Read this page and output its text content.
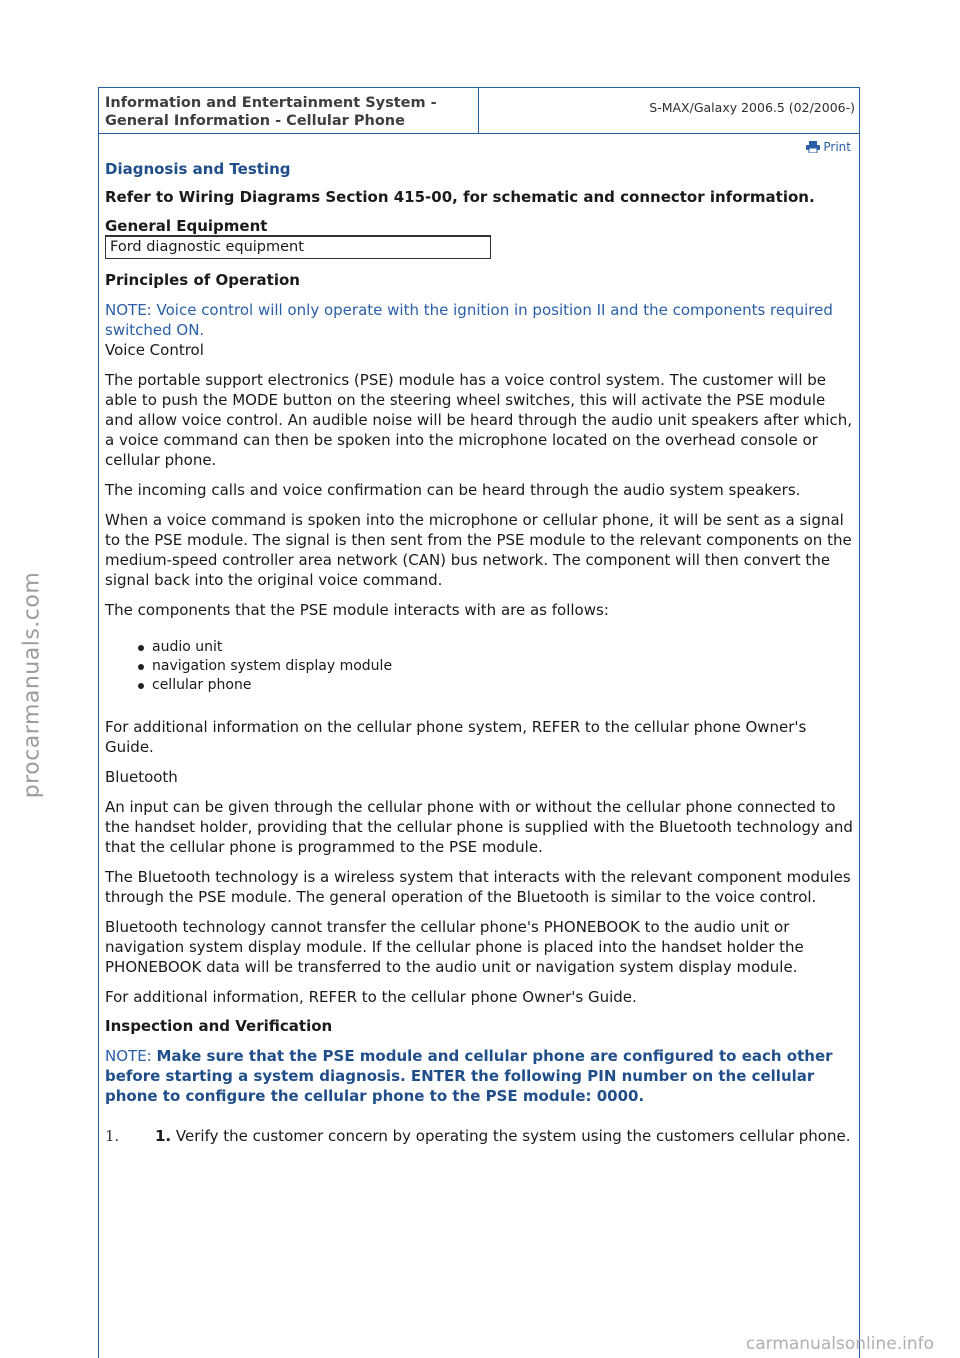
procarmanuals.com
Information and Entertainment System -
General Information - Cellular Phone
S-MAX/Galaxy 2006.5 (02/2006-)
Print
Diagnosis and Testing
Refer to Wiring Diagrams Section 415-00, for schematic and connector information.
General Equipment
Ford diagnostic equipment
Principles of Operation

NOTE: Voice control will only operate with the ignition in position II and the components required switched ON.

Voice Control

The portable support electronics (PSE) module has a voice control system. The customer will be able to push the MODE button on the steering wheel switches, this will activate the PSE module and allow voice control. An audible noise will be heard through the audio unit speakers after which, a voice command can then be spoken into the microphone located on the overhead console or cellular phone.

The incoming calls and voice confirmation can be heard through the audio system speakers.

When a voice command is spoken into the microphone or cellular phone, it will be sent as a signal to the PSE module. The signal is then sent from the PSE module to the relevant components on the medium-speed controller area network (CAN) bus network. The component will then convert the signal back into the original voice command.

The components that the PSE module interacts with are as follows:

audio unit
navigation system display module
cellular phone

For additional information on the cellular phone system, REFER to the cellular phone Owner's Guide.

Bluetooth

An input can be given through the cellular phone with or without the cellular phone connected to the handset holder, providing that the cellular phone is supplied with the Bluetooth technology and that the cellular phone is programmed to the PSE module.

The Bluetooth technology is a wireless system that interacts with the relevant component modules through the PSE module. The general operation of the Bluetooth is similar to the voice control.

Bluetooth technology cannot transfer the cellular phone's PHONEBOOK to the audio unit or navigation system display module. If the cellular phone is placed into the handset holder the PHONEBOOK data will be transferred to the audio unit or navigation system display module.

For additional information, REFER to the cellular phone Owner's Guide.

Inspection and Verification

NOTE: Make sure that the PSE module and cellular phone are configured to each other before starting a system diagnosis. ENTER the following PIN number on the cellular phone to configure the cellular phone to the PSE module: 0000.

1.	1. Verify the customer concern by operating the system using the customers cellular phone.
carmanualsonline.info
